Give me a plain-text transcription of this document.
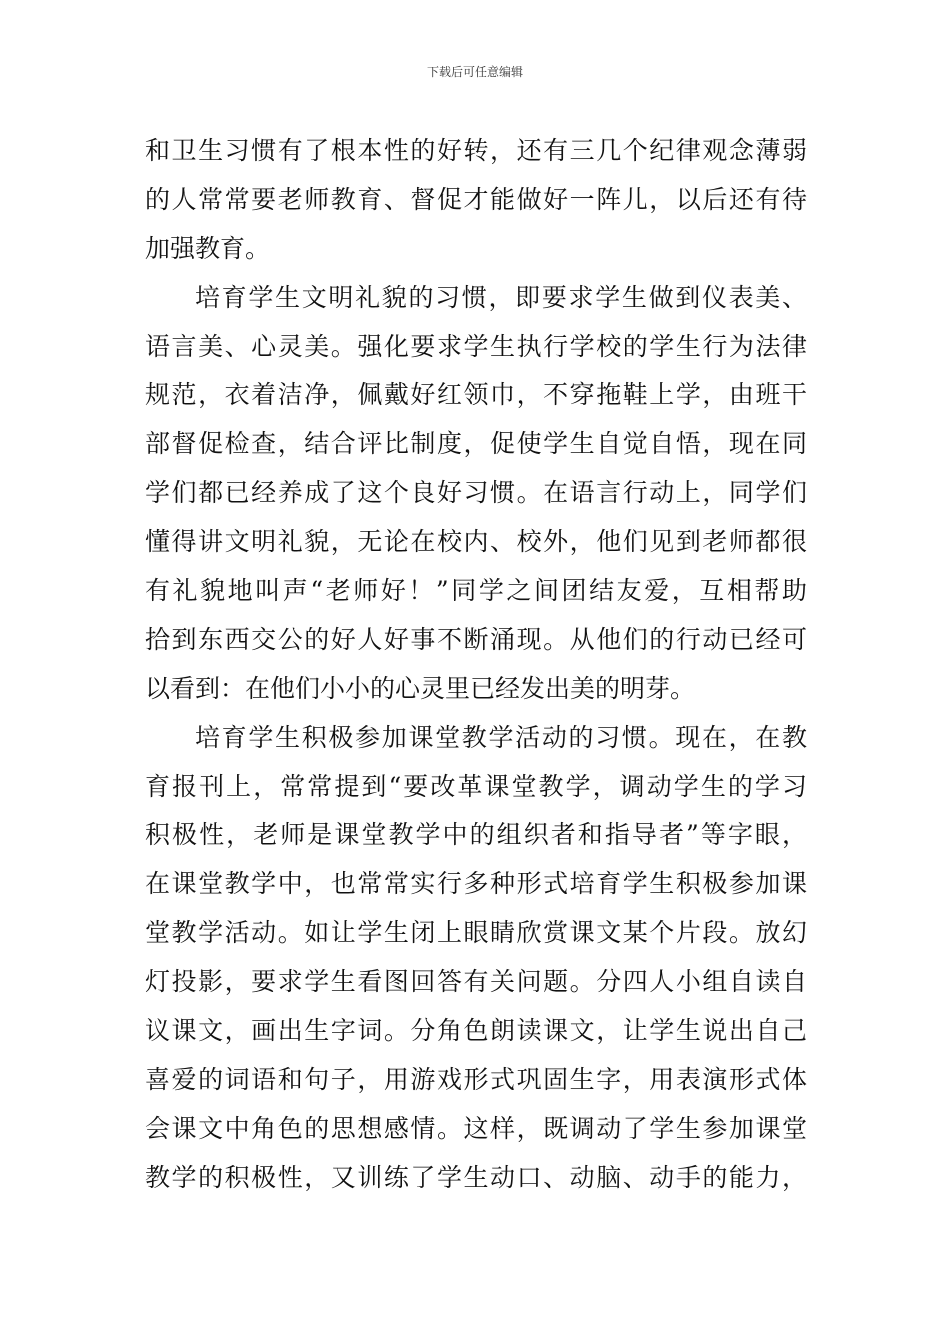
下载后可任意编辑
和卫生习惯有了根本性的好转，还有三几个纪律观念薄弱
的人常常要老师教育、督促才能做好一阵儿，以后还有待
加强教育。
培育学生文明礼貌的习惯，即要求学生做到仪表美、
语言美、心灵美。强化要求学生执行学校的学生行为法律
规范，衣着洁净，佩戴好红领巾，不穿拖鞋上学，由班干
部督促检查，结合评比制度，促使学生自觉自悟，现在同
学们都已经养成了这个良好习惯。在语言行动上，同学们
懂得讲文明礼貌，无论在校内、校外，他们见到老师都很
有礼貌地叫声“老师好！”同学之间团结友爱，互相帮助
拾到东西交公的好人好事不断涌现。从他们的行动已经可
以看到：在他们小小的心灵里已经发出美的明芽。
培育学生积极参加课堂教学活动的习惯。现在，在教
育报刊上，常常提到“要改革课堂教学，调动学生的学习
积极性，老师是课堂教学中的组织者和指导者”等字眼，
在课堂教学中，也常常实行多种形式培育学生积极参加课
堂教学活动。如让学生闭上眼睛欣赏课文某个片段。放幻
灯投影，要求学生看图回答有关问题。分四人小组自读自
议课文，画出生字词。分角色朗读课文，让学生说出自己
喜爱的词语和句子，用游戏形式巩固生字，用表演形式体
会课文中角色的思想感情。这样，既调动了学生参加课堂
教学的积极性，又训练了学生动口、动脑、动手的能力，
